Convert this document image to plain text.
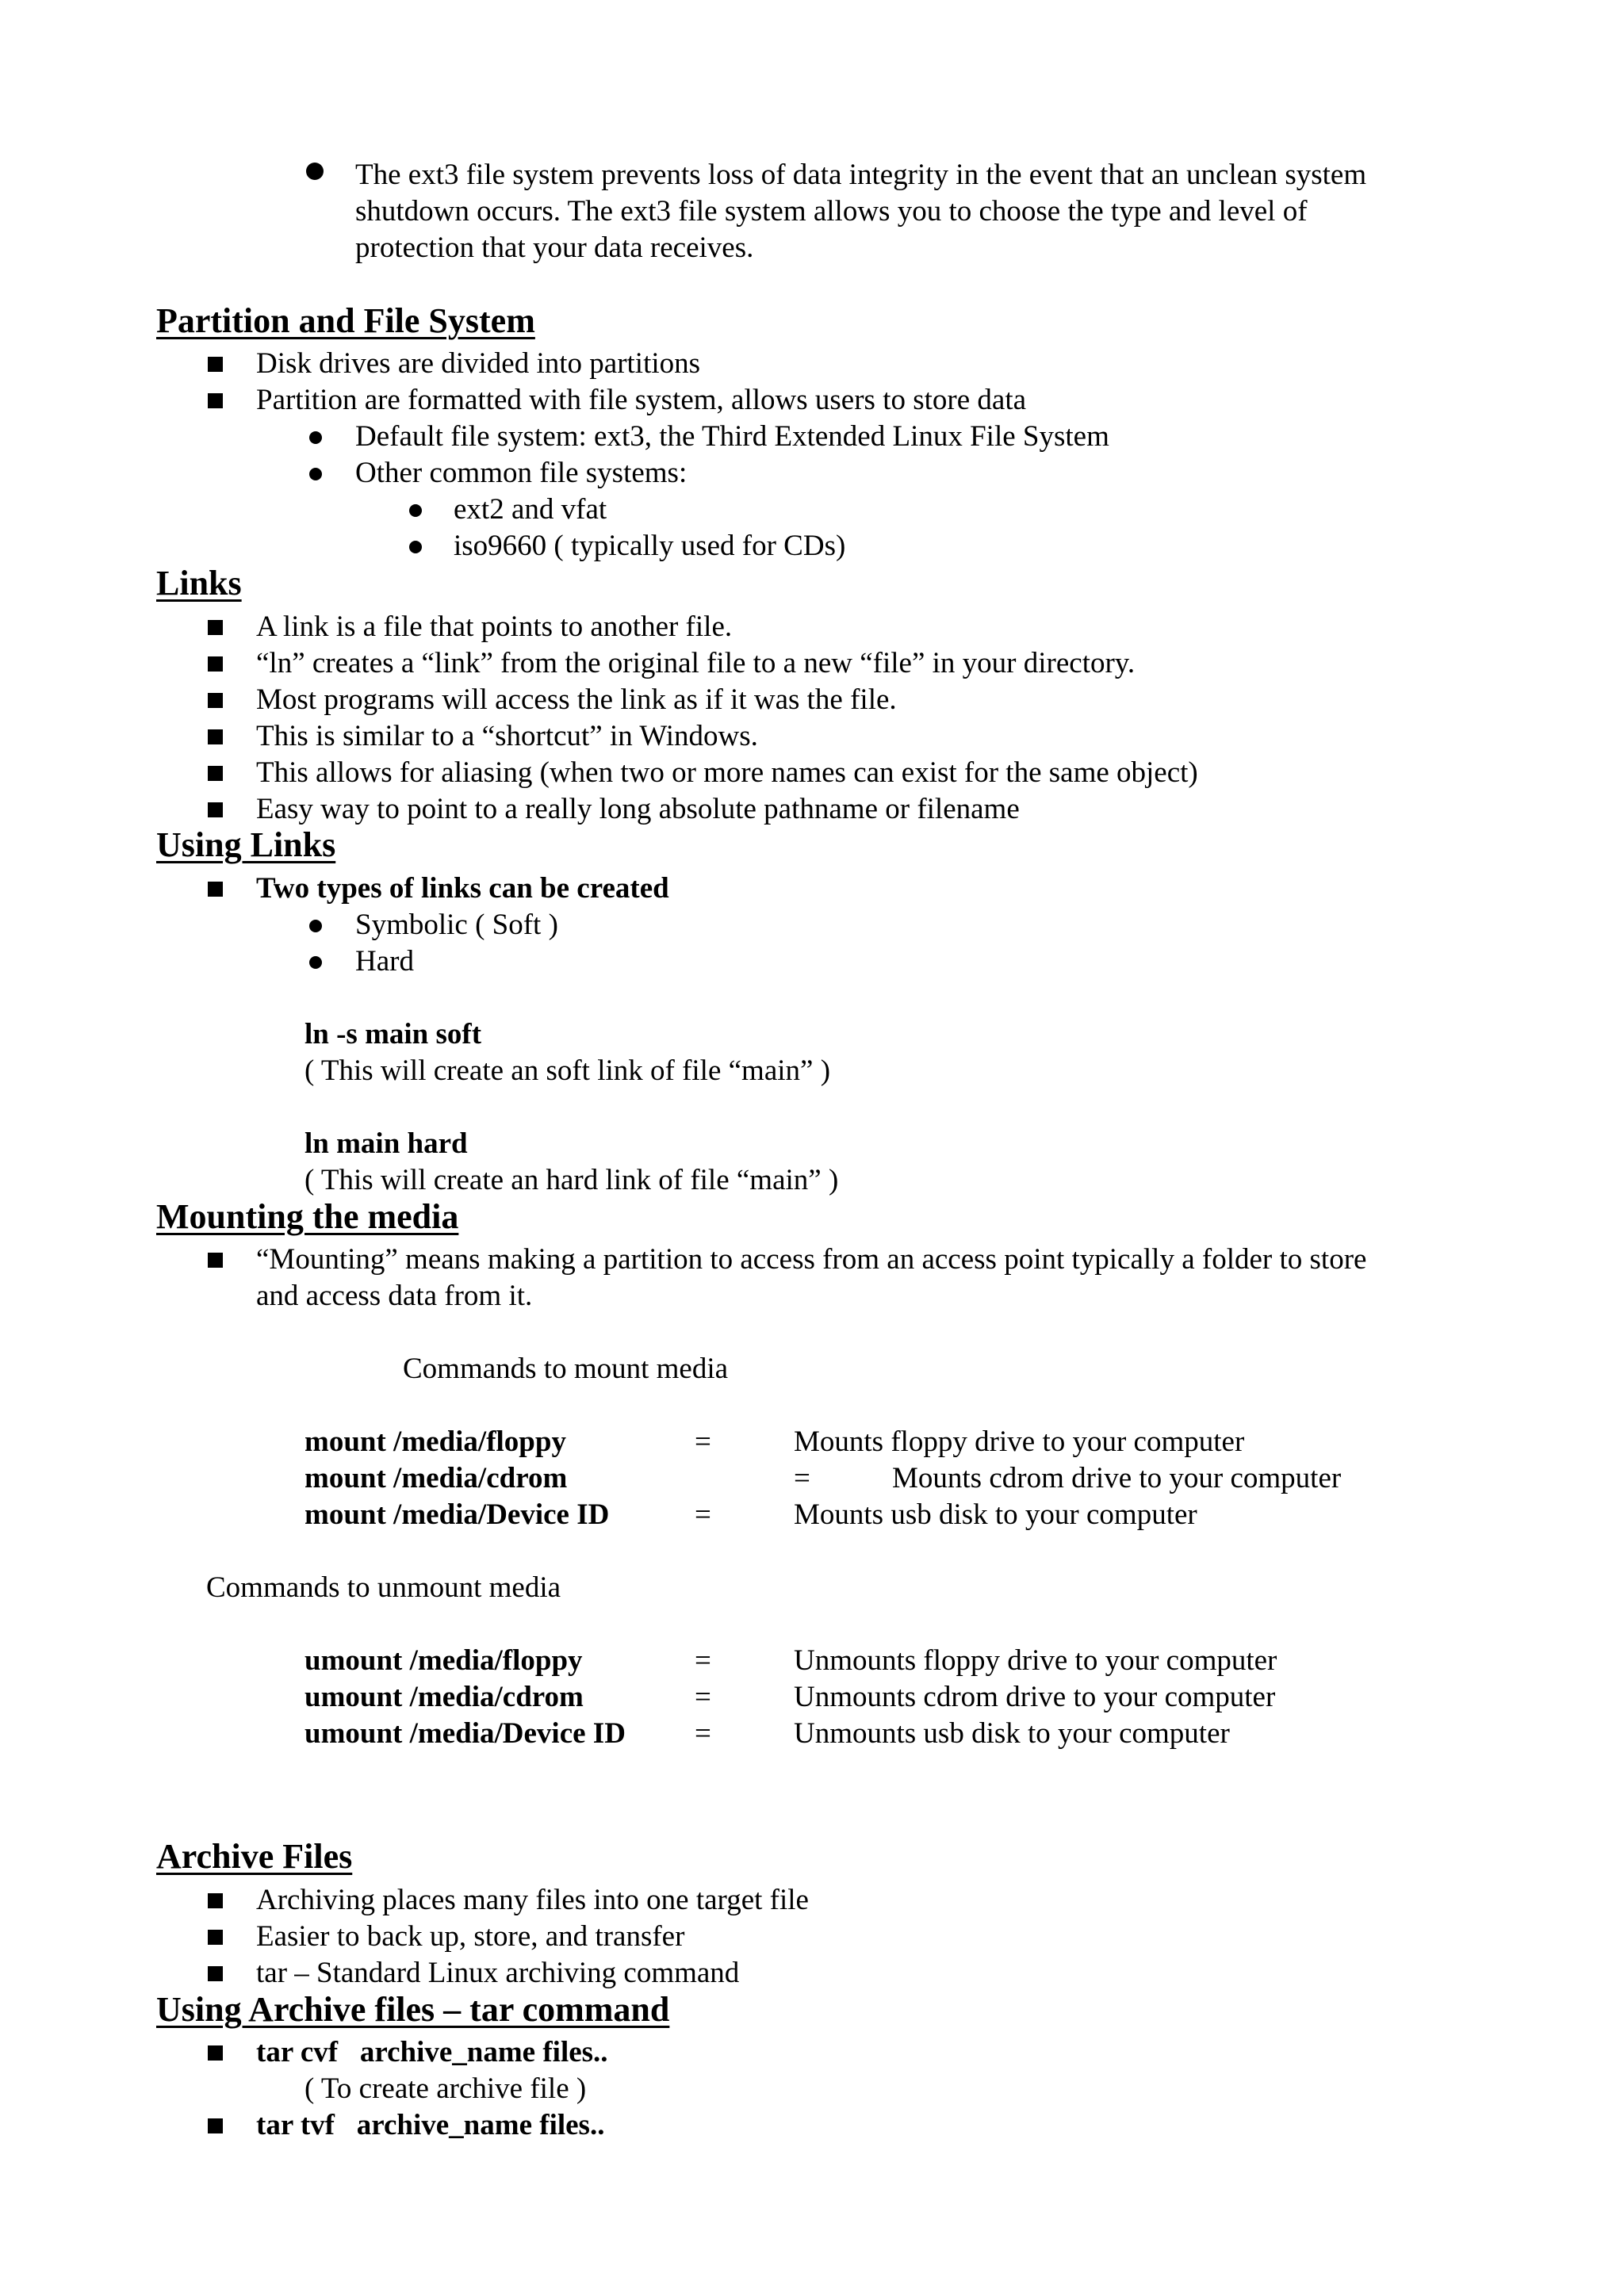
The ext3 file system prevents loss of data integrity in the event that an unclean system
shutdown occurs. The ext3 file system allows you to choose the type and level of
protection that your data receives.
Partition and File System
Disk drives are divided into partitions
Partition are formatted with file system, allows users to store data
Default file system: ext3, the Third Extended Linux File System
Other common file systems:
ext2 and vfat
iso9660 ( typically used for CDs)
Links
A link is a file that points to another file.
“ln” creates a “link” from the original file to a new “file” in your directory.
Most programs will access the link as if it was the file.
This is similar to a “shortcut” in Windows.
This allows for aliasing (when two or more names can exist for the same object)
Easy way to point to a really long absolute pathname or filename
Using Links
Two types of links can be created
Symbolic ( Soft )
Hard
ln -s main soft
( This will create an soft link of file “main” )
ln main hard
( This will create an hard link of file “main” )
Mounting the media
“Mounting” means making a partition to access from an access point typically a folder to store
and access data from it.
Commands to mount media
mount /media/floppy	=	Mounts floppy drive to your computer
mount /media/cdrom	=	Mounts cdrom drive to your computer
mount /media/Device ID	=	Mounts usb disk to your computer
Commands to unmount media
umount /media/floppy	=	Unmounts floppy drive to your computer
umount /media/cdrom	=	Unmounts cdrom drive to your computer
umount /media/Device ID =	Unmounts usb disk to your computer
Archive Files
Archiving places many files into one target file
Easier to back up, store, and transfer
tar – Standard Linux archiving command
Using Archive files – tar command
tar cvf   archive_name files..
( To create archive file )
tar tvf   archive_name files..
